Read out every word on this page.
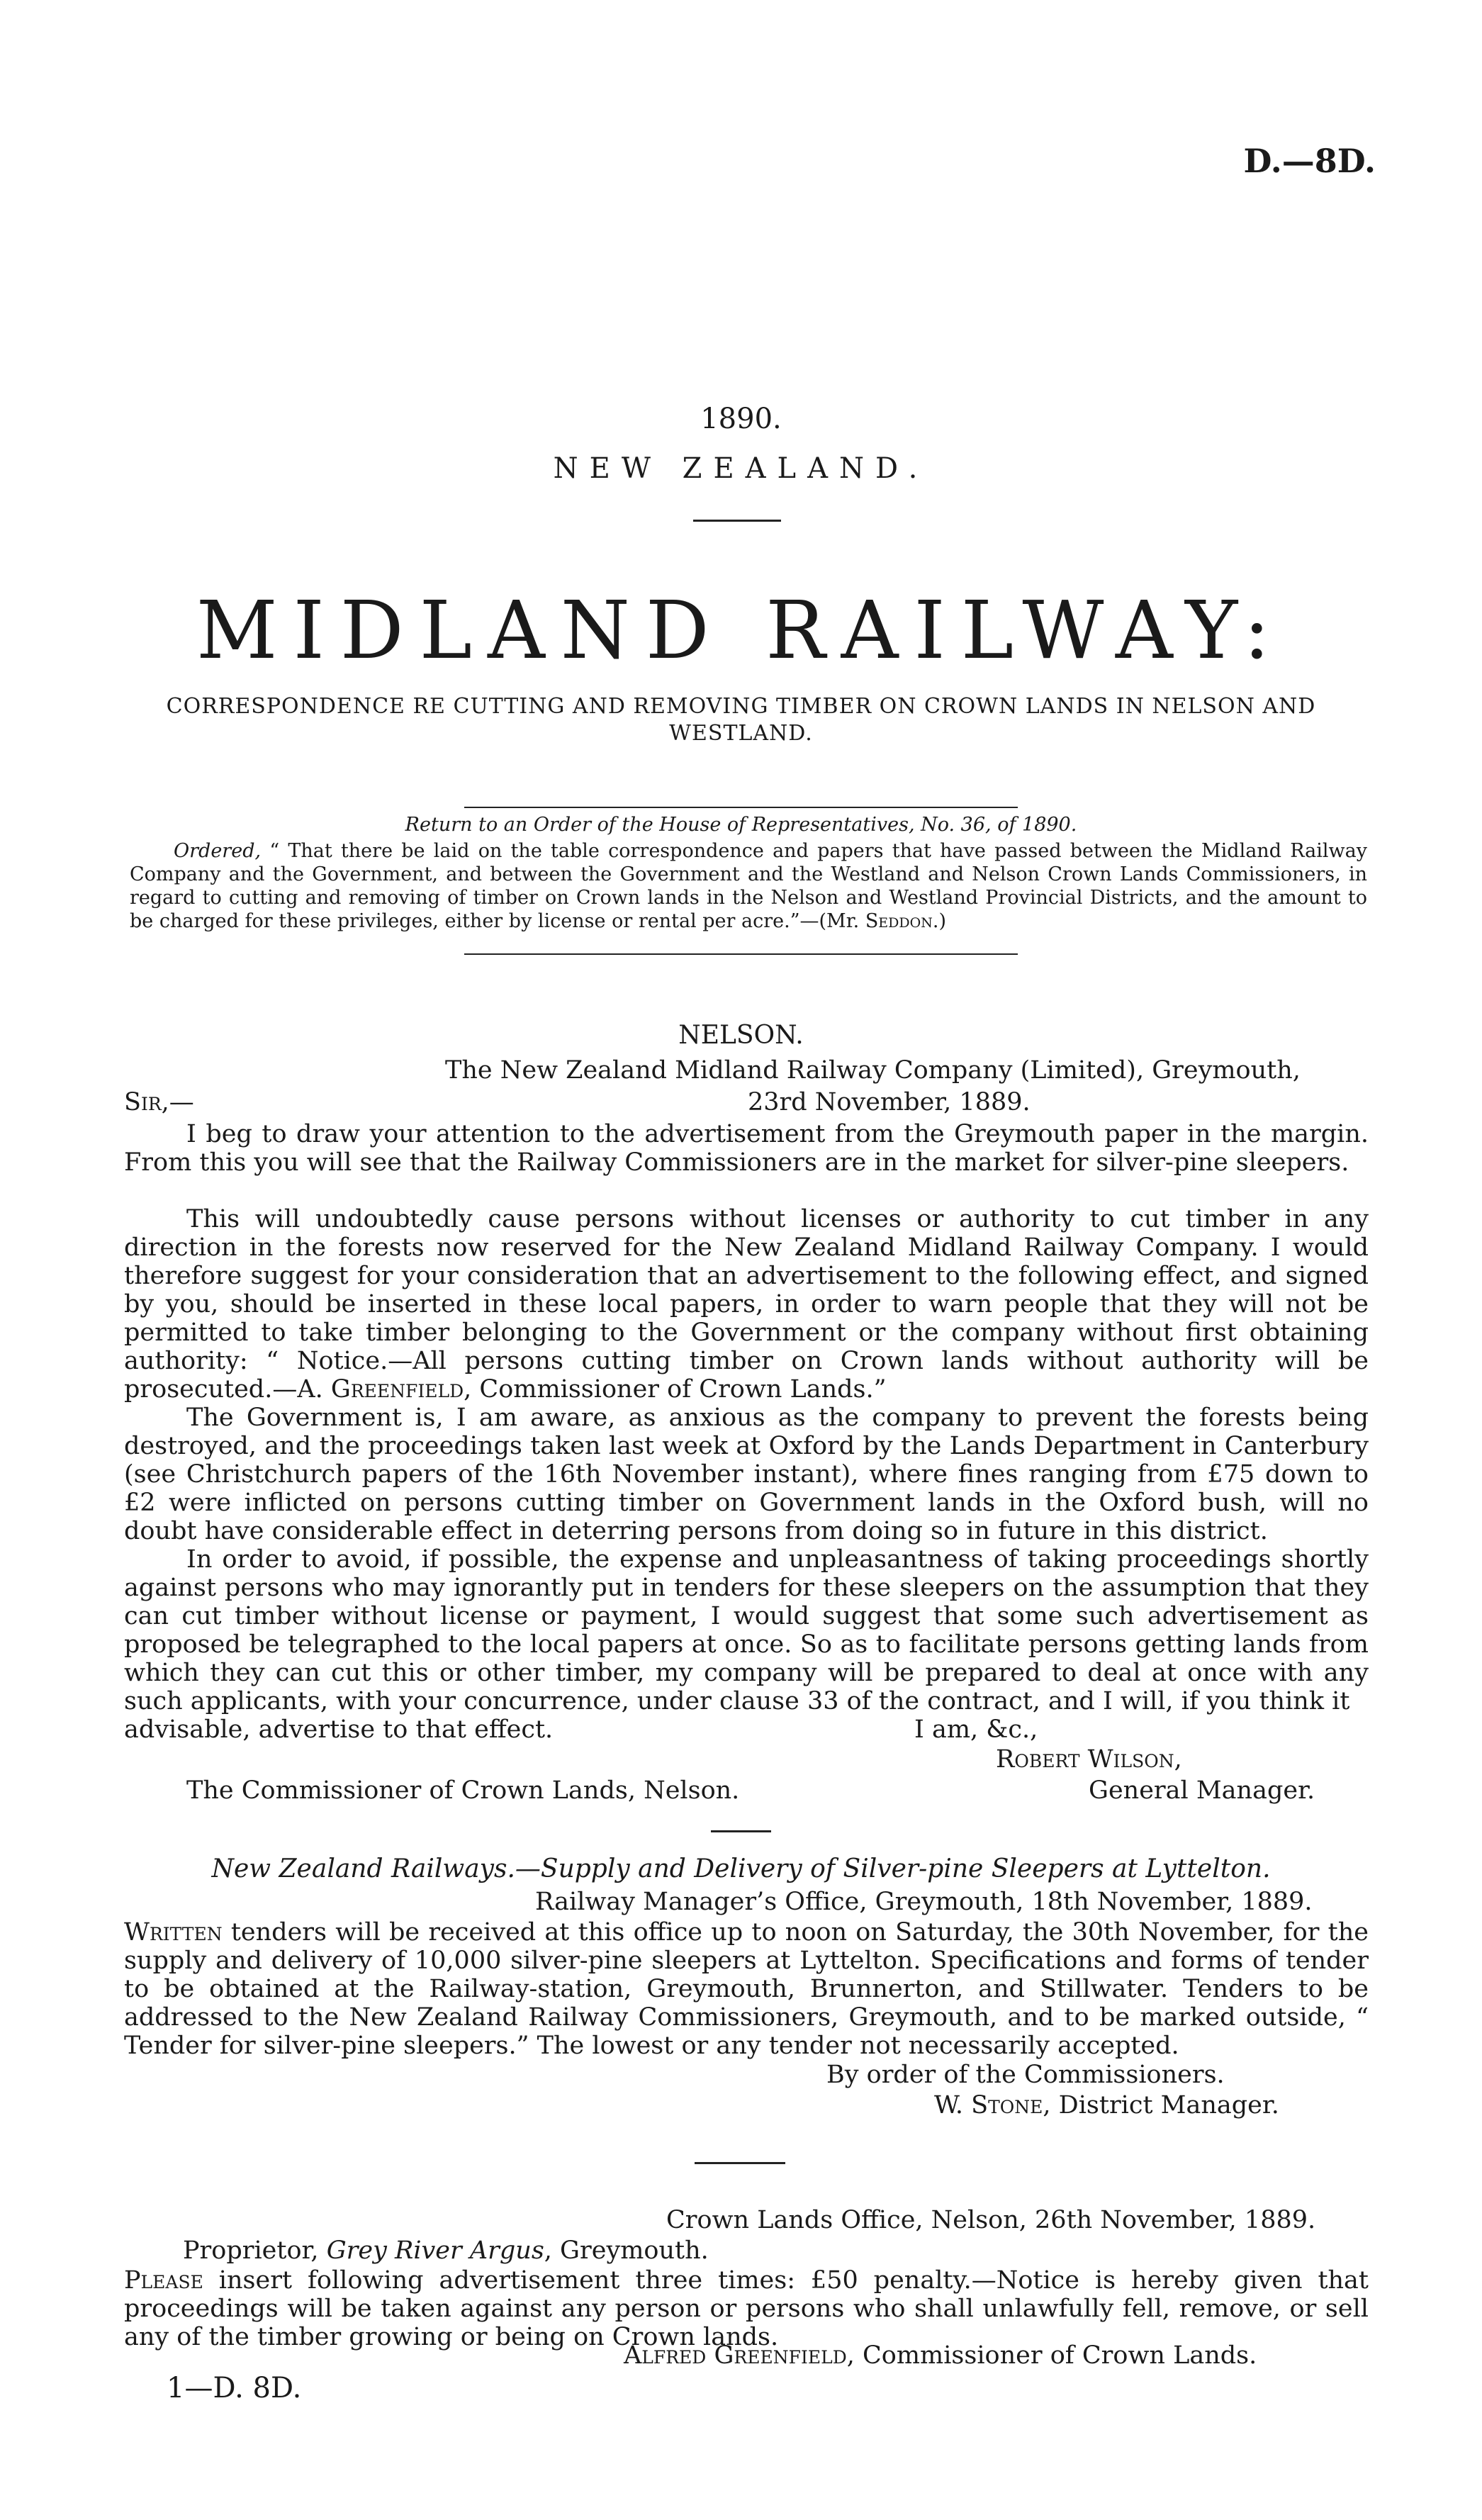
D.—8D.
1890.
NEW ZEALAND.
MIDLAND RAILWAY:
CORRESPONDENCE RE CUTTING AND REMOVING TIMBER ON CROWN LANDS IN NELSON AND WESTLAND.
Return to an Order of the House of Representatives, No. 36, of 1890.

Ordered, “ That there be laid on the table correspondence and papers that have passed between the Midland Railway Company and the Government, and between the Government and the Westland and Nelson Crown Lands Commissioners, in regard to cutting and removing of timber on Crown lands in the Nelson and Westland Provincial Districts, and the amount to be charged for these privileges, either by license or rental per acre.”—(Mr. Seddon.)

NELSON.
The New Zealand Midland Railway Company (Limited), Greymouth,
Sir,—	23rd November, 1889.
I beg to draw your attention to the advertisement from the Greymouth paper in the margin. From this you will see that the Railway Commissioners are in the market for silver-pine sleepers.
This will undoubtedly cause persons without licenses or authority to cut timber in any direction in the forests now reserved for the New Zealand Midland Railway Company. I would therefore suggest for your consideration that an advertisement to the following effect, and signed by you, should be inserted in these local papers, in order to warn people that they will not be permitted to take timber belonging to the Government or the company without first obtaining authority: “ Notice.—All persons cutting timber on Crown lands without authority will be prosecuted.—A. Greenfield, Commissioner of Crown Lands.”
The Government is, I am aware, as anxious as the company to prevent the forests being destroyed, and the proceedings taken last week at Oxford by the Lands Department in Canterbury (see Christchurch papers of the 16th November instant), where fines ranging from £75 down to £2 were inflicted on persons cutting timber on Government lands in the Oxford bush, will no doubt have considerable effect in deterring persons from doing so in future in this district.
In order to avoid, if possible, the expense and unpleasantness of taking proceedings shortly against persons who may ignorantly put in tenders for these sleepers on the assumption that they can cut timber without license or payment, I would suggest that some such advertisement as proposed be telegraphed to the local papers at once. So as to facilitate persons getting lands from which they can cut this or other timber, my company will be prepared to deal at once with any such applicants, with your concurrence, under clause 33 of the contract, and I will, if you think it
advisable, advertise to that effect.	I am, &c.,
Robert Wilson,
The Commissioner of Crown Lands, Nelson.	General Manager.
New Zealand Railways.—Supply and Delivery of Silver-pine Sleepers at Lyttelton.
Railway Manager’s Office, Greymouth, 18th November, 1889.
Written tenders will be received at this office up to noon on Saturday, the 30th November, for the supply and delivery of 10,000 silver-pine sleepers at Lyttelton. Specifications and forms of tender to be obtained at the Railway-station, Greymouth, Brunnerton, and Stillwater. Tenders to be addressed to the New Zealand Railway Commissioners, Greymouth, and to be marked outside, “ Tender for silver-pine sleepers.” The lowest or any tender not necessarily accepted.
By order of the Commissioners.
W. Stone, District Manager.
Crown Lands Office, Nelson, 26th November, 1889.
Proprietor, Grey River Argus, Greymouth.
Please insert following advertisement three times: £50 penalty.—Notice is hereby given that proceedings will be taken against any person or persons who shall unlawfully fell, remove, or sell any of the timber growing or being on Crown lands.
Alfred Greenfield, Commissioner of Crown Lands.
1—D. 8D.
